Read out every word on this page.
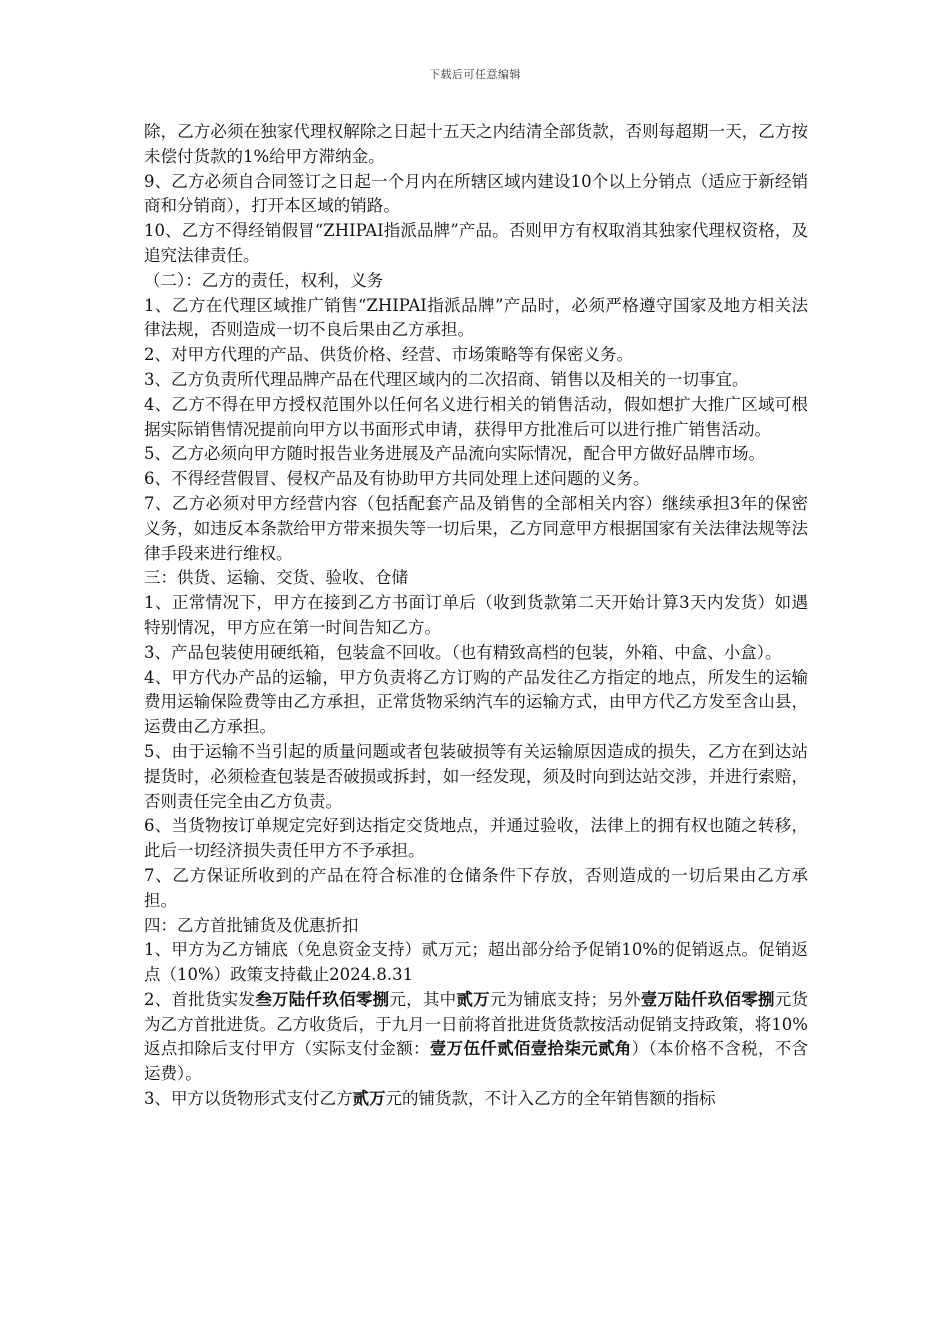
下载后可任意编辑

除，乙方必须在独家代理权解除之日起十五天之内结清全部货款，否则每超期一天，乙方按未偿付货款的1%给甲方滞纳金。

9、乙方必须自合同签订之日起一个月内在所辖区域内建设10个以上分销点（适应于新经销商和分销商），打开本区域的销路。

10、乙方不得经销假冒“ZHIPAI指派品牌”产品。否则甲方有权取消其独家代理权资格，及追究法律责任。

（二）：乙方的责任，权利，义务

1、乙方在代理区域推广销售“ZHIPAI指派品牌”产品时，必须严格遵守国家及地方相关法律法规，否则造成一切不良后果由乙方承担。

2、对甲方代理的产品、供货价格、经营、市场策略等有保密义务。

3、乙方负责所代理品牌产品在代理区域内的二次招商、销售以及相关的一切事宜。

4、乙方不得在甲方授权范围外以任何名义进行相关的销售活动，假如想扩大推广区域可根据实际销售情况提前向甲方以书面形式申请，获得甲方批准后可以进行推广销售活动。

5、乙方必须向甲方随时报告业务进展及产品流向实际情况，配合甲方做好品牌市场。

6、不得经营假冒、侵权产品及有协助甲方共同处理上述问题的义务。

7、乙方必须对甲方经营内容（包括配套产品及销售的全部相关内容）继续承担3年的保密义务，如违反本条款给甲方带来损失等一切后果，乙方同意甲方根据国家有关法律法规等法律手段来进行维权。

三：供货、运输、交货、验收、仓储

1、正常情况下，甲方在接到乙方书面订单后（收到货款第二天开始计算3天内发货）如遇特别情况，甲方应在第一时间告知乙方。

3、产品包装使用硬纸箱，包装盒不回收。（也有精致高档的包装，外箱、中盒、小盒）。

4、甲方代办产品的运输，甲方负责将乙方订购的产品发往乙方指定的地点，所发生的运输费用运输保险费等由乙方承担，正常货物采纳汽车的运输方式，由甲方代乙方发至含山县，运费由乙方承担。

5、由于运输不当引起的质量问题或者包装破损等有关运输原因造成的损失，乙方在到达站提货时，必须检查包装是否破损或拆封，如一经发现，须及时向到达站交涉，并进行索赔，否则责任完全由乙方负责。

6、当货物按订单规定完好到达指定交货地点，并通过验收，法律上的拥有权也随之转移，此后一切经济损失责任甲方不予承担。

7、乙方保证所收到的产品在符合标准的仓储条件下存放，否则造成的一切后果由乙方承担。

四：乙方首批铺货及优惠折扣

1、甲方为乙方铺底（免息资金支持）贰万元；超出部分给予促销10%的促销返点。促销返点（10%）政策支持截止2024.8.31

2、首批货实发叁万陆仟玖佰零捌元，其中贰万元为铺底支持；另外壹万陆仟玖佰零捌元货为乙方首批进货。乙方收货后，于九月一日前将首批进货货款按活动促销支持政策，将10%返点扣除后支付甲方（实际支付金额：壹万伍仟贰佰壹拾柒元贰角）（本价格不含税，不含运费）。

3、甲方以货物形式支付乙方贰万元的铺货款，不计入乙方的全年销售额的指标
